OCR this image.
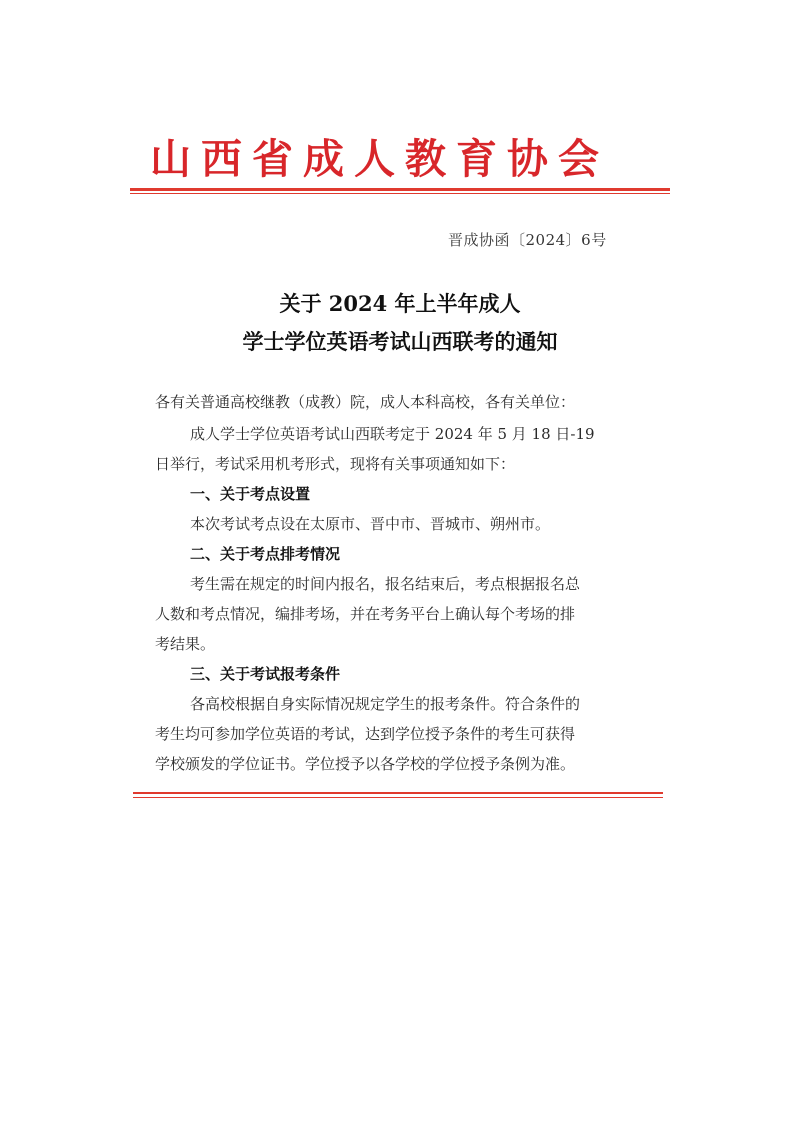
山西省成人教育协会
晋成协函〔2024〕6号
关于 2024 年上半年成人
学士学位英语考试山西联考的通知
各有关普通高校继教（成教）院，成人本科高校，各有关单位：
成人学士学位英语考试山西联考定于 2024 年 5 月 18 日-19
日举行，考试采用机考形式，现将有关事项通知如下：
一、关于考点设置
本次考试考点设在太原市、晋中市、晋城市、朔州市。
二、关于考点排考情况
考生需在规定的时间内报名，报名结束后，考点根据报名总
人数和考点情况，编排考场，并在考务平台上确认每个考场的排
考结果。
三、关于考试报考条件
各高校根据自身实际情况规定学生的报考条件。符合条件的
考生均可参加学位英语的考试，达到学位授予条件的考生可获得
学校颁发的学位证书。学位授予以各学校的学位授予条例为准。
